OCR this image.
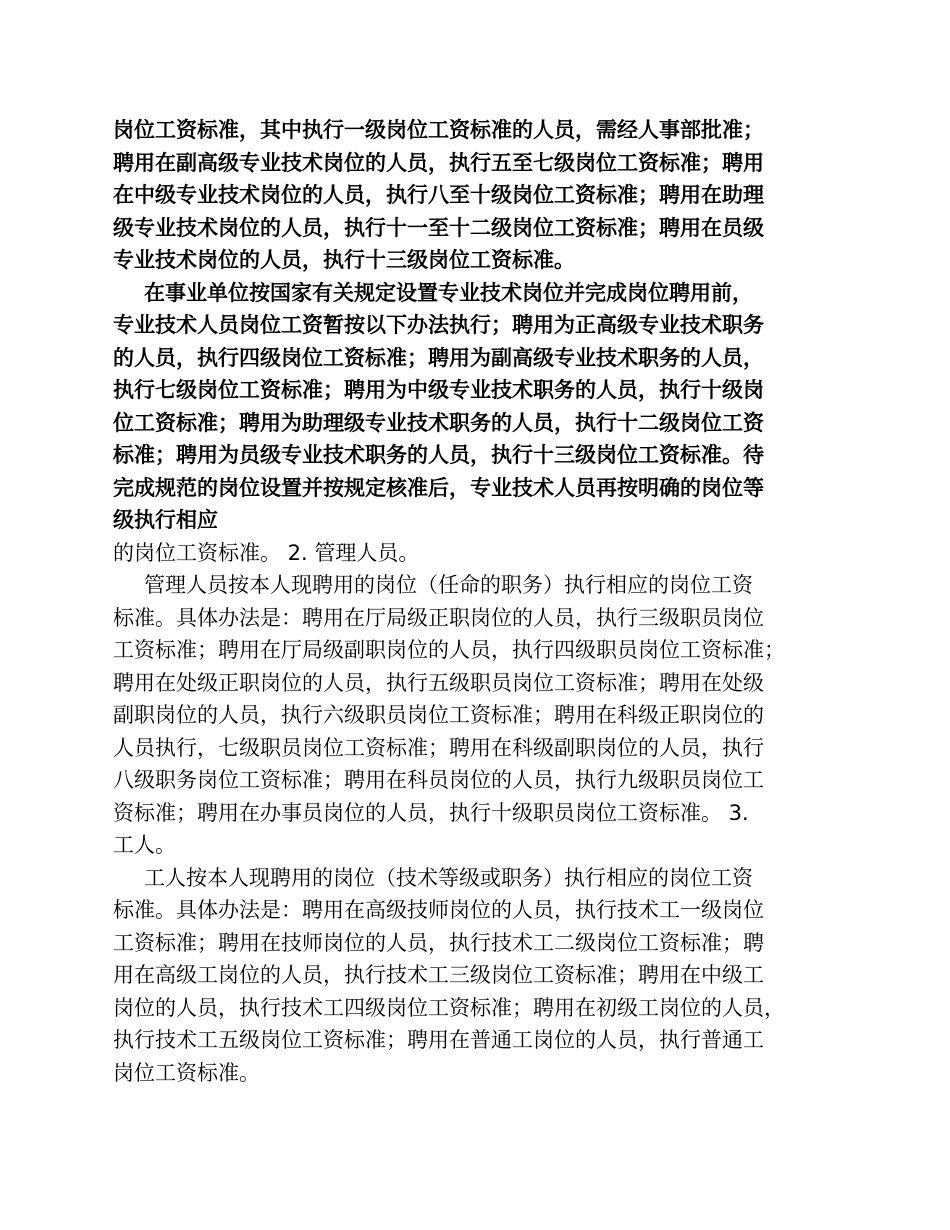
岗位工资标准，其中执行一级岗位工资标准的人员，需经人事部批准；
聘用在副高级专业技术岗位的人员，执行五至七级岗位工资标准；聘用
在中级专业技术岗位的人员，执行八至十级岗位工资标准；聘用在助理
级专业技术岗位的人员，执行十一至十二级岗位工资标准；聘用在员级
专业技术岗位的人员，执行十三级岗位工资标准。
在事业单位按国家有关规定设置专业技术岗位并完成岗位聘用前，
专业技术人员岗位工资暂按以下办法执行；聘用为正高级专业技术职务
的人员，执行四级岗位工资标准；聘用为副高级专业技术职务的人员，
执行七级岗位工资标准；聘用为中级专业技术职务的人员，执行十级岗
位工资标准；聘用为助理级专业技术职务的人员，执行十二级岗位工资
标准；聘用为员级专业技术职务的人员，执行十三级岗位工资标准。待
完成规范的岗位设置并按规定核准后，专业技术人员再按明确的岗位等
级执行相应
的岗位工资标准。 2. 管理人员。
管理人员按本人现聘用的岗位（任命的职务）执行相应的岗位工资
标准。具体办法是：聘用在厅局级正职岗位的人员，执行三级职员岗位
工资标准；聘用在厅局级副职岗位的人员，执行四级职员岗位工资标准；
聘用在处级正职岗位的人员，执行五级职员岗位工资标准；聘用在处级
副职岗位的人员，执行六级职员岗位工资标准；聘用在科级正职岗位的
人员执行，七级职员岗位工资标准；聘用在科级副职岗位的人员，执行
八级职务岗位工资标准；聘用在科员岗位的人员，执行九级职员岗位工
资标准；聘用在办事员岗位的人员，执行十级职员岗位工资标准。 3.
工人。
工人按本人现聘用的岗位（技术等级或职务）执行相应的岗位工资
标准。具体办法是：聘用在高级技师岗位的人员，执行技术工一级岗位
工资标准；聘用在技师岗位的人员，执行技术工二级岗位工资标准；聘
用在高级工岗位的人员，执行技术工三级岗位工资标准；聘用在中级工
岗位的人员，执行技术工四级岗位工资标准；聘用在初级工岗位的人员，
执行技术工五级岗位工资标准；聘用在普通工岗位的人员，执行普通工
岗位工资标准。
